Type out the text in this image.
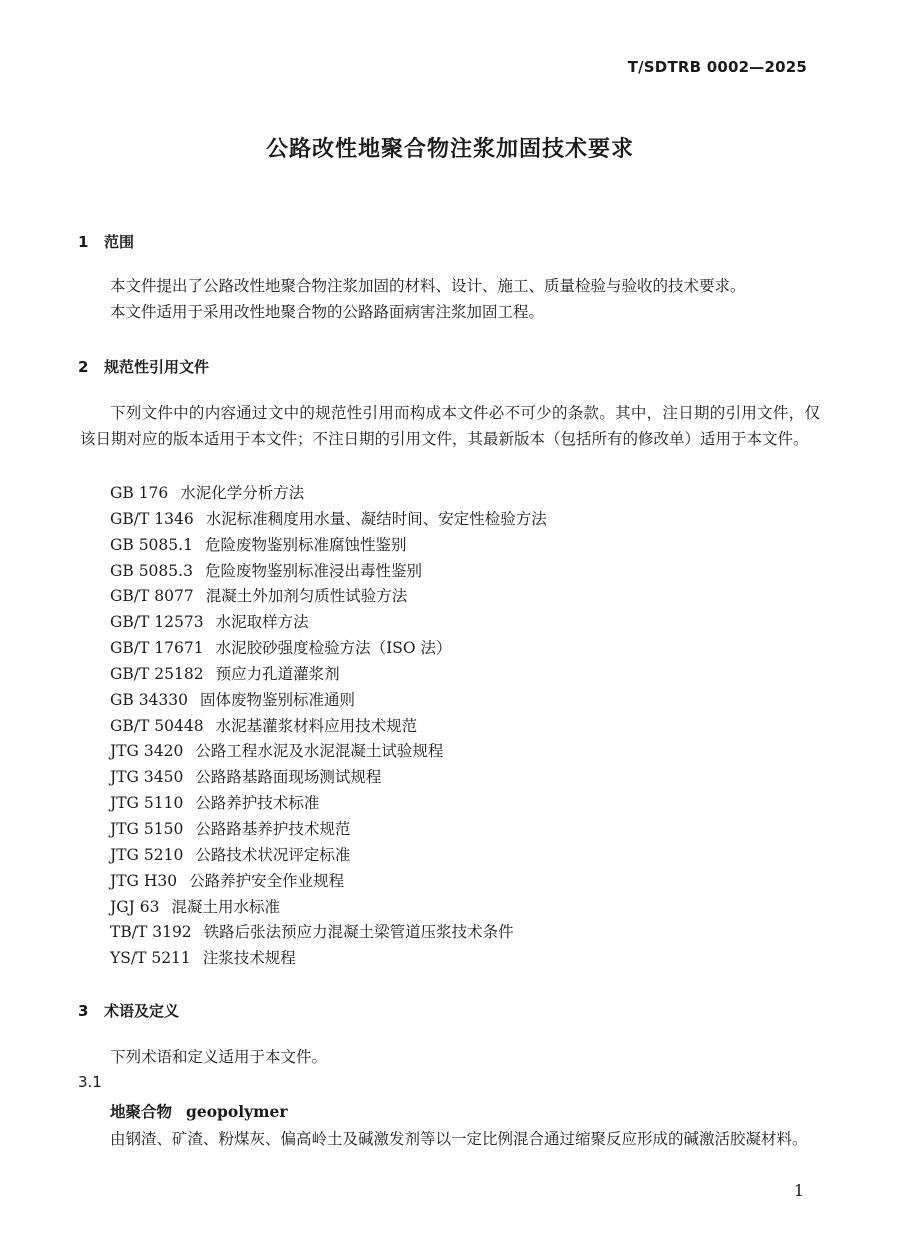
T/SDTRB 0002—2025
公路改性地聚合物注浆加固技术要求
1 范围
本文件提出了公路改性地聚合物注浆加固的材料、设计、施工、质量检验与验收的技术要求。
本文件适用于采用改性地聚合物的公路路面病害注浆加固工程。
2 规范性引用文件
下列文件中的内容通过文中的规范性引用而构成本文件必不可少的条款。其中，注日期的引用文件，仅该日期对应的版本适用于本文件；不注日期的引用文件，其最新版本（包括所有的修改单）适用于本文件。
GB 176 水泥化学分析方法
GB/T 1346 水泥标准稠度用水量、凝结时间、安定性检验方法
GB 5085.1 危险废物鉴别标准腐蚀性鉴别
GB 5085.3 危险废物鉴别标准浸出毒性鉴别
GB/T 8077 混凝土外加剂匀质性试验方法
GB/T 12573 水泥取样方法
GB/T 17671 水泥胶砂强度检验方法（ISO 法）
GB/T 25182 预应力孔道灌浆剂
GB 34330 固体废物鉴别标准通则
GB/T 50448 水泥基灌浆材料应用技术规范
JTG 3420 公路工程水泥及水泥混凝土试验规程
JTG 3450 公路路基路面现场测试规程
JTG 5110 公路养护技术标准
JTG 5150 公路路基养护技术规范
JTG 5210 公路技术状况评定标准
JTG H30 公路养护安全作业规程
JGJ 63 混凝土用水标准
TB/T 3192 铁路后张法预应力混凝土梁管道压浆技术条件
YS/T 5211 注浆技术规程
3 术语及定义
下列术语和定义适用于本文件。
3.1
地聚合物 geopolymer
由钢渣、矿渣、粉煤灰、偏高岭土及碱激发剂等以一定比例混合通过缩聚反应形成的碱激活胶凝材料。
1
